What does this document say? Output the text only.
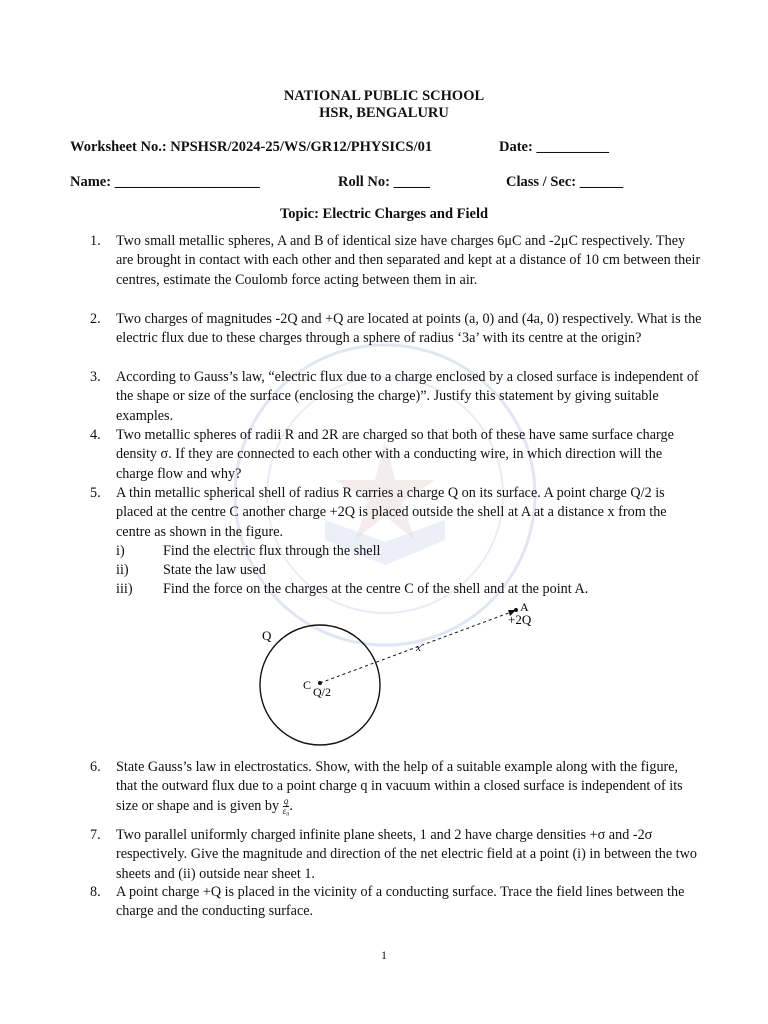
NATIONAL PUBLIC SCHOOL
HSR, BENGALURU
Worksheet No.: NPSHSR/2024-25/WS/GR12/PHYSICS/01	Date: __________
Name: ____________________	Roll No: _____	Class / Sec: ______
Topic: Electric Charges and Field
1. Two small metallic spheres, A and B of identical size have charges 6μC and -2μC respectively. They are brought in contact with each other and then separated and kept at a distance of 10 cm between their centres, estimate the Coulomb force acting between them in air.
2. Two charges of magnitudes -2Q and +Q are located at points (a, 0) and (4a, 0) respectively. What is the electric flux due to these charges through a sphere of radius ‘3a’ with its centre at the origin?
3. According to Gauss’s law, “electric flux due to a charge enclosed by a closed surface is independent of the shape or size of the surface (enclosing the charge)”. Justify this statement by giving suitable examples.
4. Two metallic spheres of radii R and 2R are charged so that both of these have same surface charge density σ. If they are connected to each other with a conducting wire, in which direction will the charge flow and why?
5. A thin metallic spherical shell of radius R carries a charge Q on its surface. A point charge Q/2 is placed at the centre C another charge +2Q is placed outside the shell at A at a distance x from the centre as shown in the figure.
i)	Find the electric flux through the shell
ii) State the law used
iii) Find the force on the charges at the centre C of the shell and at the point A.
Q
C Q/2
A
+2Q
x
6. State Gauss’s law in electrostatics. Show, with the help of a suitable example along with the figure, that the outward flux due to a point charge q in vacuum within a closed surface is independent of its size or shape and is given by $\frac{q}{\text{ε₀}}$ .
7. Two parallel uniformly charged infinite plane sheets, 1 and 2 have charge densities +σ and -2σ respectively. Give the magnitude and direction of the net electric field at a point (i) in between the two sheets and (ii) outside near sheet 1.
8. A point charge +Q is placed in the vicinity of a conducting surface. Trace the field lines between the charge and the conducting surface.
1
